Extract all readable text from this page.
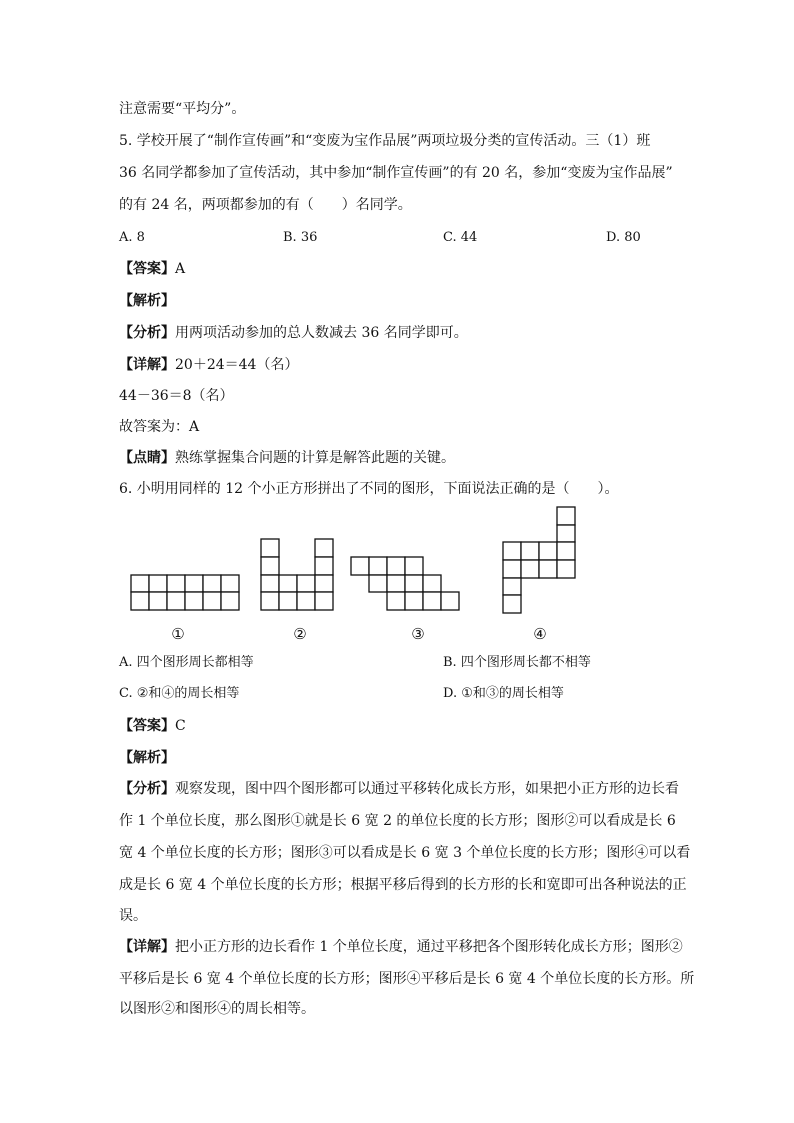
注意需要“平均分”。
5. 学校开展了“制作宣传画”和“变废为宝作品展”两项垃圾分类的宣传活动。三（1）班
36 名同学都参加了宣传活动，其中参加“制作宣传画”的有 20 名，参加“变废为宝作品展”
的有 24 名，两项都参加的有（　　）名同学。
A. 8	B. 36	C. 44	D. 80
【答案】A
【解析】
【分析】用两项活动参加的总人数减去 36 名同学即可。
【详解】20＋24＝44（名）
44－36＝8（名）
故答案为：A
【点睛】熟练掌握集合问题的计算是解答此题的关键。
6. 小明用同样的 12 个小正方形拼出了不同的图形，下面说法正确的是（　　）。
①	②	③	④
A. 四个图形周长都相等	B. 四个图形周长都不相等
C. ②和④的周长相等	D. ①和③的周长相等
【答案】C
【解析】
【分析】观察发现，图中四个图形都可以通过平移转化成长方形，如果把小正方形的边长看
作 1 个单位长度，那么图形①就是长 6 宽 2 的单位长度的长方形；图形②可以看成是长 6
宽 4 个单位长度的长方形；图形③可以看成是长 6 宽 3 个单位长度的长方形；图形④可以看
成是长 6 宽 4 个单位长度的长方形；根据平移后得到的长方形的长和宽即可出各种说法的正
误。
【详解】把小正方形的边长看作 1 个单位长度，通过平移把各个图形转化成长方形；图形②
平移后是长 6 宽 4 个单位长度的长方形；图形④平移后是长 6 宽 4 个单位长度的长方形。所
以图形②和图形④的周长相等。
